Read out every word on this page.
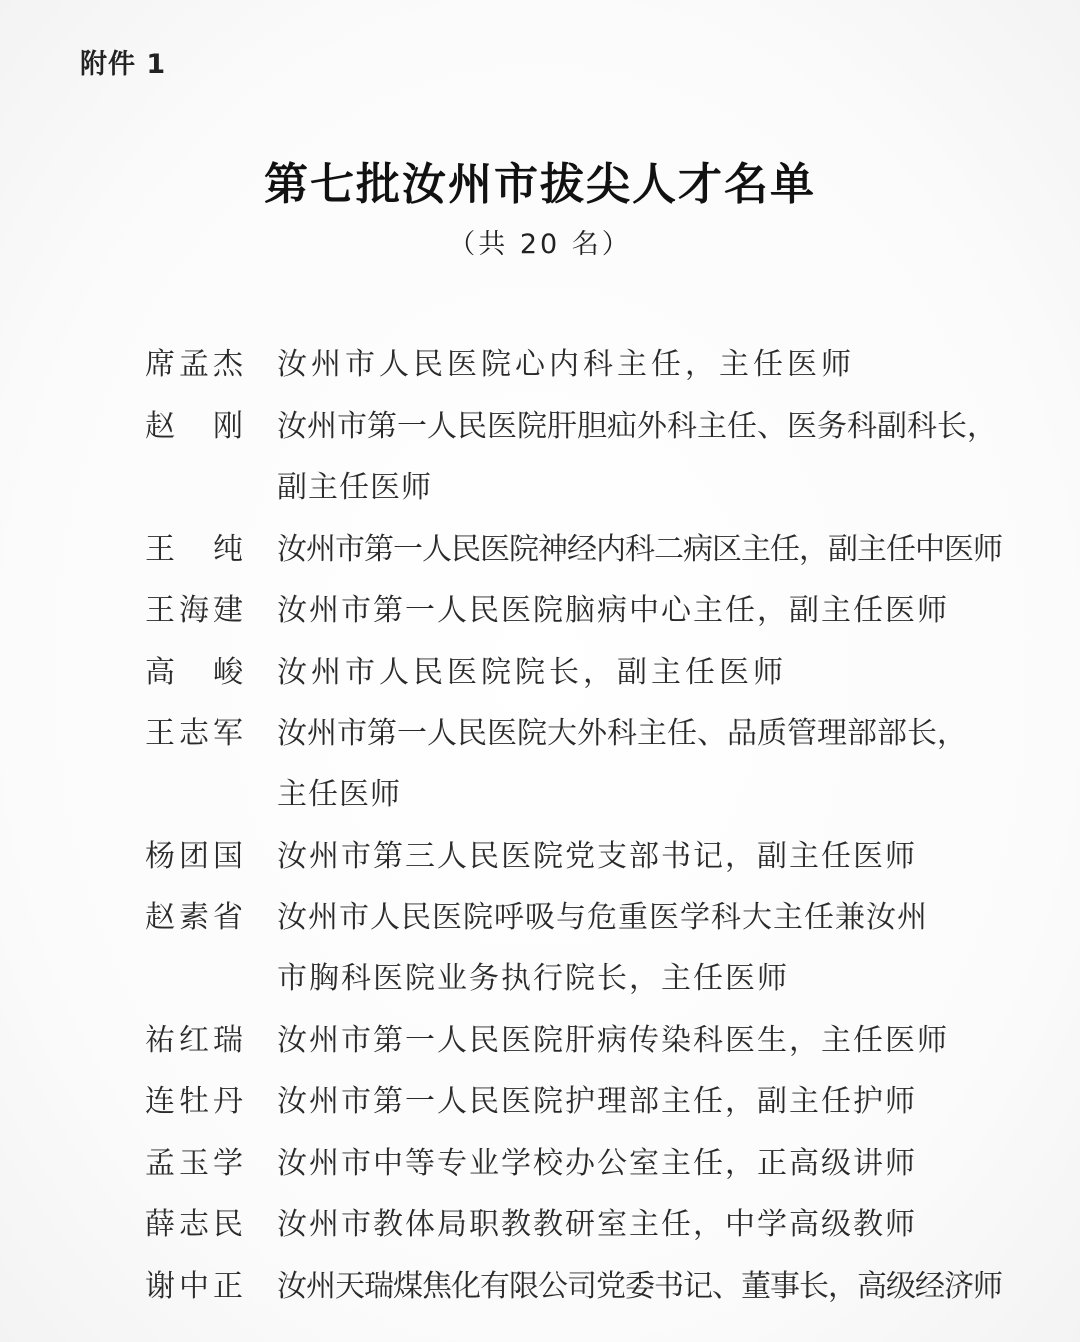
附件 1
第七批汝州市拔尖人才名单
（共 20 名）
席孟杰 汝州市人民医院心内科主任，主任医师
赵　刚 汝州市第一人民医院肝胆疝外科主任、医务科副科长，
副主任医师
王　纯 汝州市第一人民医院神经内科二病区主任，副主任中医师
王海建 汝州市第一人民医院脑病中心主任，副主任医师
高　峻 汝州市人民医院院长，副主任医师
王志军 汝州市第一人民医院大外科主任、品质管理部部长，
主任医师
杨团国 汝州市第三人民医院党支部书记，副主任医师
赵素省 汝州市人民医院呼吸与危重医学科大主任兼汝州
市胸科医院业务执行院长，主任医师
祐红瑞 汝州市第一人民医院肝病传染科医生，主任医师
连牡丹 汝州市第一人民医院护理部主任，副主任护师
孟玉学 汝州市中等专业学校办公室主任，正高级讲师
薛志民 汝州市教体局职教教研室主任，中学高级教师
谢中正 汝州天瑞煤焦化有限公司党委书记、董事长，高级经济师
